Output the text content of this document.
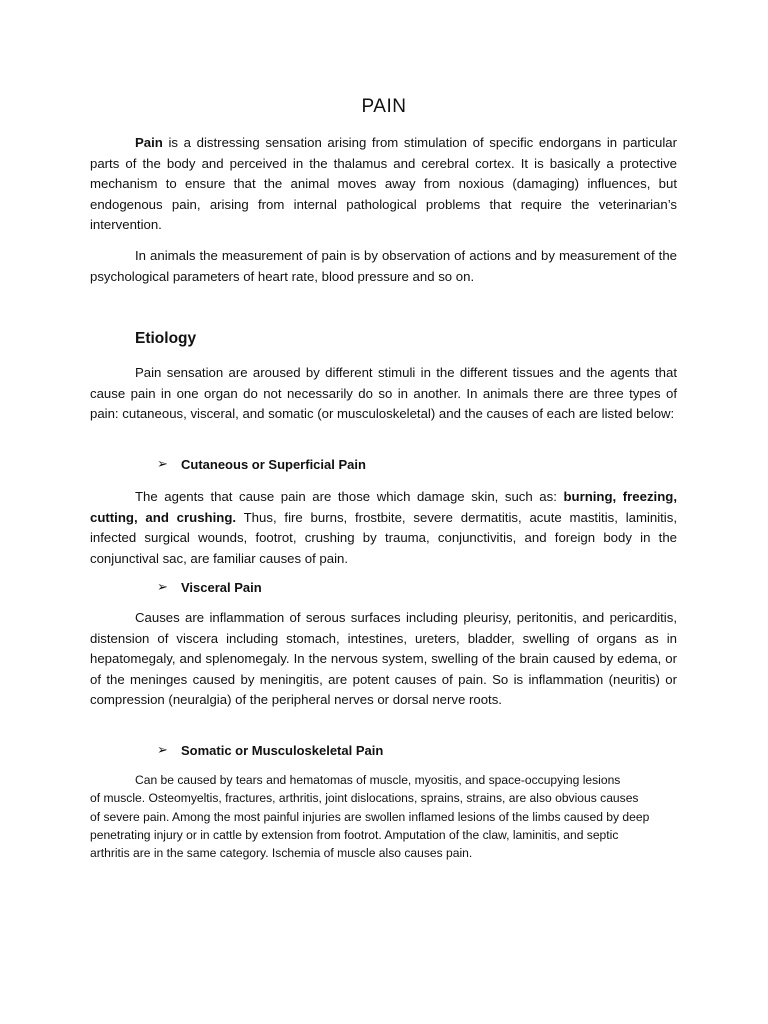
PAIN

Pain is a distressing sensation arising from stimulation of specific endorgans in particular parts of the body and perceived in the thalamus and cerebral cortex. It is basically a protective mechanism to ensure that the animal moves away from noxious (damaging) influences, but endogenous pain, arising from internal pathological problems that require the veterinarian’s intervention.

In animals the measurement of pain is by observation of actions and by measurement of the psychological parameters of heart rate, blood pressure and so on.

Etiology

Pain sensation are aroused by different stimuli in the different tissues and the agents that cause pain in one organ do not necessarily do so in another. In animals there are three types of pain: cutaneous, visceral, and somatic (or musculoskeletal) and the causes of each are listed below:

➢	Cutaneous or Superficial Pain

The agents that cause pain are those which damage skin, such as: burning, freezing, cutting, and crushing. Thus, fire burns, frostbite, severe dermatitis, acute mastitis, laminitis, infected surgical wounds, footrot, crushing by trauma, conjunctivitis, and foreign body in the conjunctival sac, are familiar causes of pain.

➢	Visceral Pain

Causes are inflammation of serous surfaces including pleurisy, peritonitis, and pericarditis, distension of viscera including stomach, intestines, ureters, bladder, swelling of organs as in hepatomegaly, and splenomegaly. In the nervous system, swelling of the brain caused by edema, or of the meninges caused by meningitis, are potent causes of pain. So is inflammation (neuritis) or compression (neuralgia) of the peripheral nerves or dorsal nerve roots.

➢	Somatic or Musculoskeletal Pain
Can be caused by tears and hematomas of muscle, myositis, and space-occupying lesions
of muscle. Osteomyeltis, fractures, arthritis, joint dislocations, sprains, strains, are also obvious causes
of severe pain. Among the most painful injuries are swollen inflamed lesions of the limbs caused by deep
penetrating injury or in cattle by extension from footrot. Amputation of the claw, laminitis, and septic
arthritis are in the same category. Ischemia of muscle also causes pain.
